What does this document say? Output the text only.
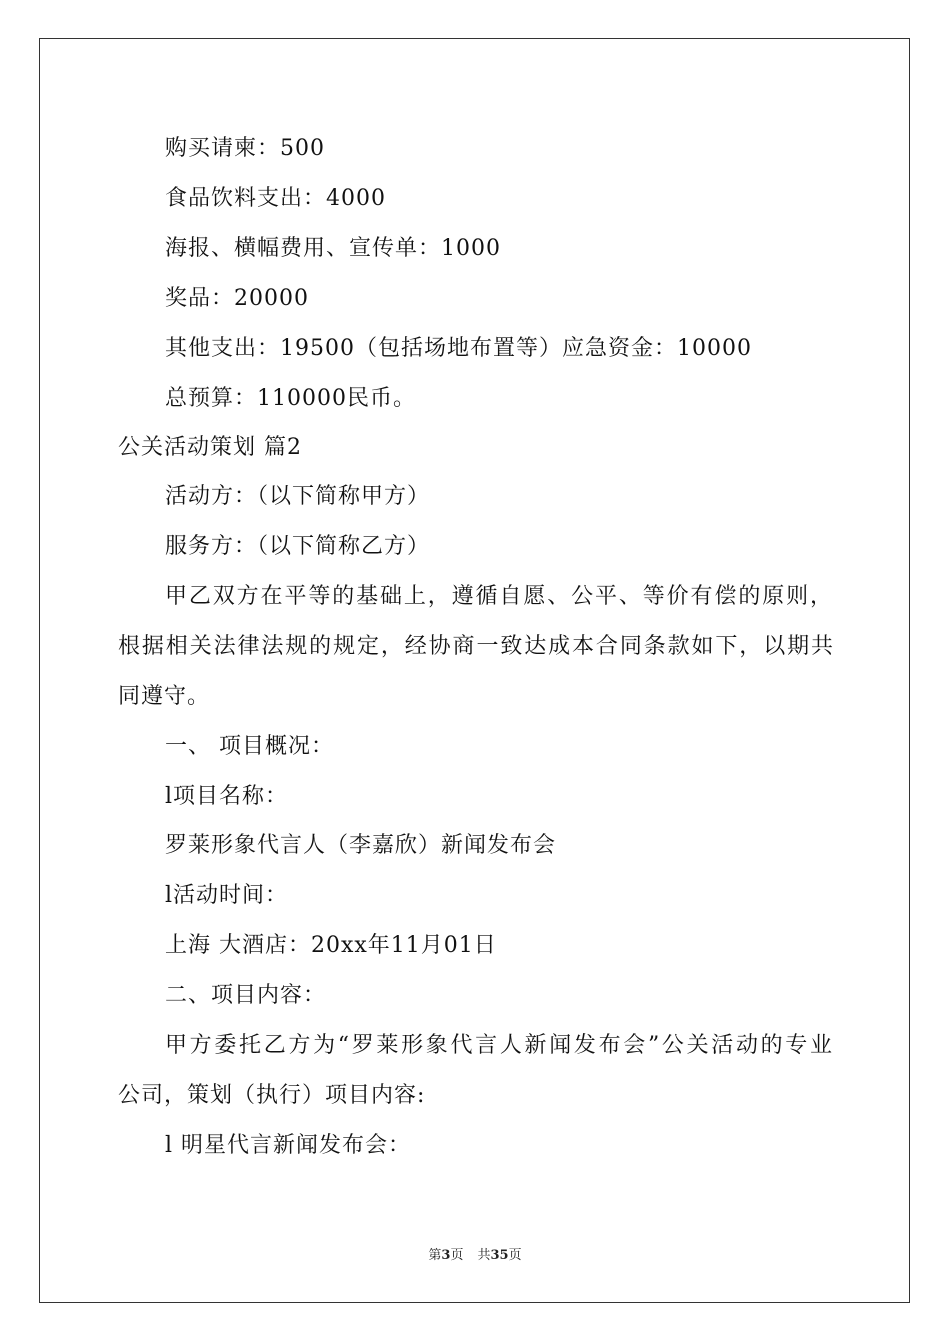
购买请柬：500
食品饮料支出：4000
海报、横幅费用、宣传单：1000
奖品：20000
其他支出：19500（包括场地布置等）应急资金：10000
总预算：110000民币。
公关活动策划 篇2
活动方：（以下简称甲方）
服务方：（以下简称乙方）
甲乙双方在平等的基础上，遵循自愿、公平、等价有偿的原则，
根据相关法律法规的规定，经协商一致达成本合同条款如下，以期共
同遵守。
一、 项目概况：
l项目名称：
罗莱形象代言人（李嘉欣）新闻发布会
l活动时间：
上海 大酒店：20xx年11月01日
二、项目内容：
甲方委托乙方为“罗莱形象代言人新闻发布会”公关活动的专业
公司，策划（执行）项目内容:
l 明星代言新闻发布会：
第3页 共35页
